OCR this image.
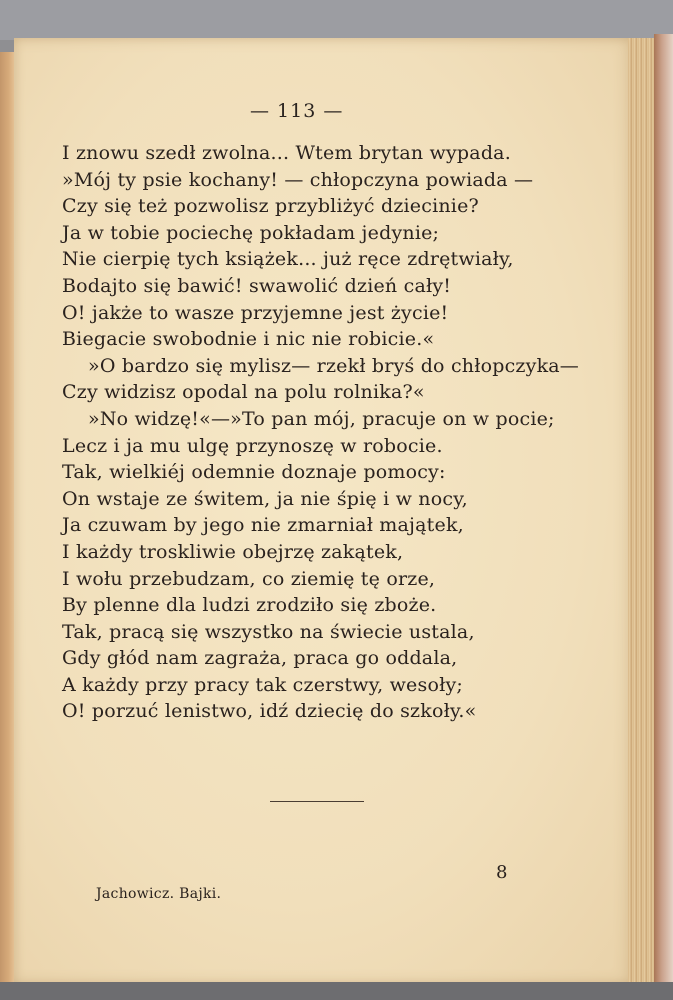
— 113 —
I znowu szedł zwolna... Wtem brytan wypada.
»Mój ty psie kochany! — chłopczyna powiada —
Czy się też pozwolisz przybliżyć dziecinie?
Ja w tobie pociechę pokładam jedynie;
Nie cierpię tych książek... już ręce zdrętwiały,
Bodajto się bawić! swawolić dzień cały!
O! jakże to wasze przyjemne jest życie!
Biegacie swobodnie i nic nie robicie.«
»O bardzo się mylisz— rzekł bryś do chłopczyka—
Czy widzisz opodal na polu rolnika?«
»No widzę!«—»To pan mój, pracuje on w pocie;
Lecz i ja mu ulgę przynoszę w robocie.
Tak, wielkiéj odemnie doznaje pomocy:
On wstaje ze świtem, ja nie śpię i w nocy,
Ja czuwam by jego nie zmarniał majątek,
I każdy troskliwie obejrzę zakątek,
I wołu przebudzam, co ziemię tę orze,
By plenne dla ludzi zrodziło się zboże.
Tak, pracą się wszystko na świecie ustala,
Gdy głód nam zagraża, praca go oddala,
A każdy przy pracy tak czerstwy, wesoły;
O! porzuć lenistwo, idź dziecię do szkoły.«
8
Jachowicz. Bajki.
